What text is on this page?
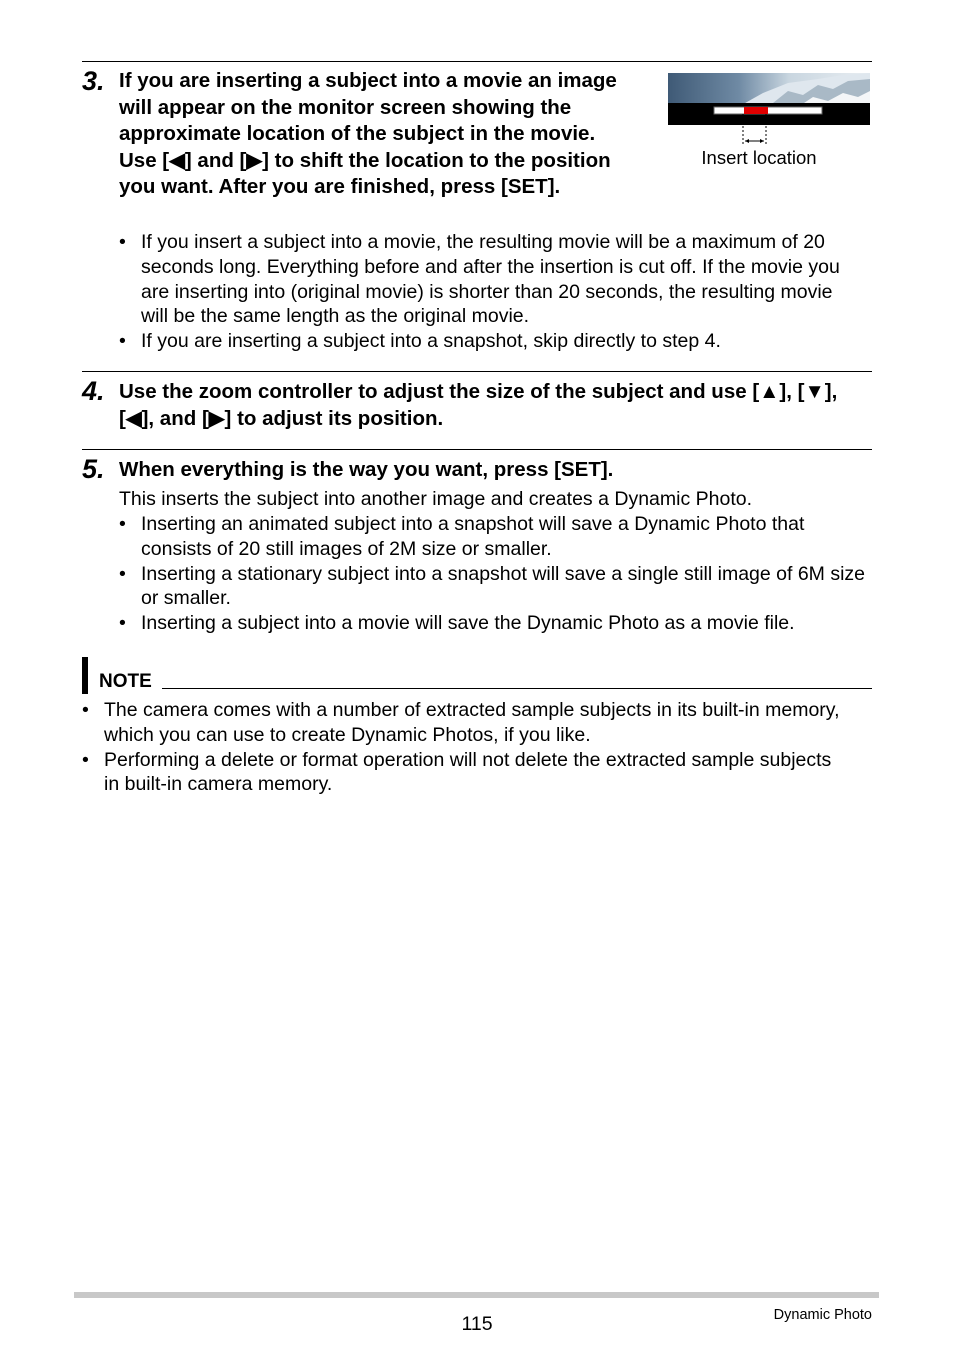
3. If you are inserting a subject into a movie an image will appear on the monitor screen showing the approximate location of the subject in the movie. Use [◀] and [▶] to shift the location to the position you want. After you are finished, press [SET].

Insert location
• If you insert a subject into a movie, the resulting movie will be a maximum of 20 seconds long. Everything before and after the insertion is cut off. If the movie you are inserting into (original movie) is shorter than 20 seconds, the resulting movie will be the same length as the original movie.
• If you are inserting a subject into a snapshot, skip directly to step 4.
4. Use the zoom controller to adjust the size of the subject and use [▲], [▼], [◀], and [▶] to adjust its position.

5. When everything is the way you want, press [SET].

This inserts the subject into another image and creates a Dynamic Photo.

• Inserting an animated subject into a snapshot will save a Dynamic Photo that consists of 20 still images of 2M size or smaller.
• Inserting a stationary subject into a snapshot will save a single still image of 6M size or smaller.
• Inserting a subject into a movie will save the Dynamic Photo as a movie file.
NOTE
• The camera comes with a number of extracted sample subjects in its built-in memory, which you can use to create Dynamic Photos, if you like.
• Performing a delete or format operation will not delete the extracted sample subjects in built-in camera memory.
115	Dynamic Photo
